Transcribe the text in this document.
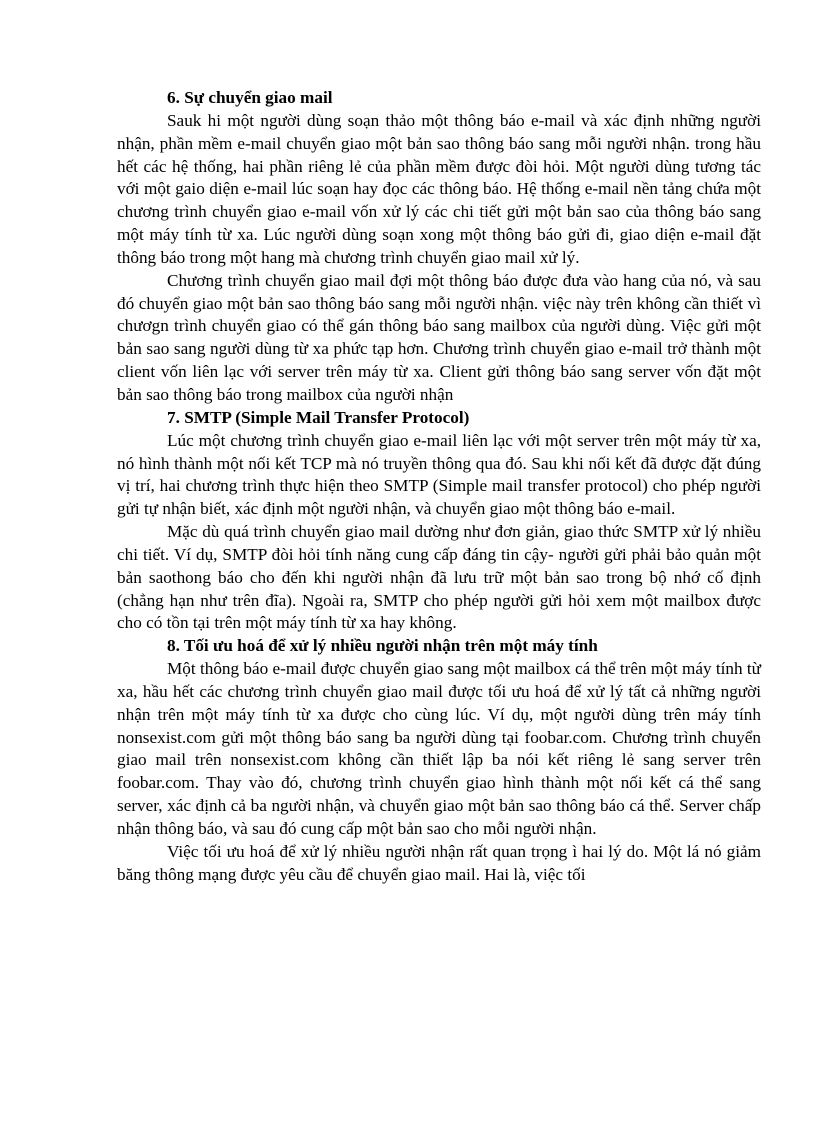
6. Sự chuyển giao mail

Sauk hi một người dùng soạn thảo một thông báo e-mail và xác định những người nhận, phần mềm e-mail chuyển giao một bản sao thông báo sang mỗi người nhận. trong hầu hết các hệ thống, hai phần riêng lẻ của phần mềm được đòi hỏi. Một người dùng tương tác với một gaio diện e-mail lúc soạn hay đọc các thông báo. Hệ thống e-mail nền tảng chứa một chương trình chuyển giao e-mail vốn xử lý các chi tiết gửi một bản sao của thông báo sang một máy tính từ xa. Lúc người dùng soạn xong một thông báo gửi đi, giao diện e-mail đặt thông báo trong một hang mà chương trình chuyển giao mail xử lý.

Chương trình chuyển giao mail đợi một thông báo được đưa vào hang của nó, và sau đó chuyển giao một bản sao thông báo sang mỗi người nhận. việc này trên không cần thiết vì chươgn trình chuyển giao có thể gán thông báo sang mailbox của người dùng. Việc gửi một bản sao sang người dùng từ xa phức tạp hơn. Chương trình chuyển giao e-mail trở thành một client vốn liên lạc với server trên máy từ xa. Client gửi thông báo sang server vốn đặt một bản sao thông báo trong mailbox của người nhận

7. SMTP (Simple Mail Transfer Protocol)

Lúc một chương trình chuyển giao e-mail liên lạc với một server trên một máy từ xa, nó hình thành một nối kết TCP mà nó truyền thông qua đó. Sau khi nối kết đã được đặt đúng vị trí, hai chương trình thực hiện theo SMTP (Simple mail transfer protocol) cho phép người gửi tự nhận biết, xác định một người nhận, và chuyển giao một thông báo e-mail.

Mặc dù quá trình chuyển giao mail dường như đơn giản, giao thức SMTP xử lý nhiều chi tiết. Ví dụ, SMTP đòi hỏi tính năng cung cấp đáng tin cậy- người gửi phải bảo quản một bản saothong báo cho đến khi người nhận đã lưu trữ một bản sao trong bộ nhớ cố định (chẳng hạn như trên đĩa). Ngoài ra, SMTP cho phép người gửi hỏi xem một mailbox được cho có tồn tại trên một máy tính từ xa hay không.

8. Tối ưu hoá để xử lý nhiều người nhận trên một máy tính

Một thông báo e-mail được chuyển giao sang một mailbox cá thể trên một máy tính từ xa, hầu hết các chương trình chuyển giao mail được tối ưu hoá để xử lý tất cả những người nhận trên một máy tính từ xa được cho cùng lúc. Ví dụ, một người dùng trên máy tính nonsexist.com gửi một thông báo sang ba người dùng tại foobar.com. Chương trình chuyển giao mail trên nonsexist.com không cần thiết lập ba nói kết riêng lẻ sang server trên foobar.com. Thay vào đó, chương trình chuyển giao hình thành một nối kết cá thể sang server, xác định cả ba người nhận, và chuyển giao một bản sao thông báo cá thể. Server chấp nhận thông báo, và sau đó cung cấp một bản sao cho mỗi người nhận.

Việc tối ưu hoá để xử lý nhiều người nhận rất quan trọng ì hai lý do. Một lá nó giảm băng thông mạng được yêu cầu để chuyển giao mail. Hai là, việc tối
